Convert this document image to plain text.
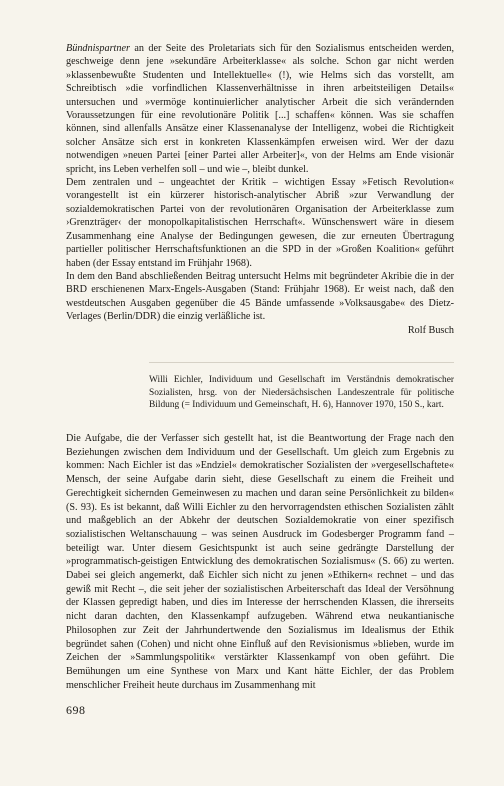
Bündnispartner an der Seite des Proletariats sich für den Sozialismus entscheiden werden, geschweige denn jene »sekundäre Arbeiterklasse« als solche. Schon gar nicht werden »klassenbewußte Studenten und Intellektuelle« (!), wie Helms sich das vorstellt, am Schreibtisch »die vorfindlichen Klassenverhältnisse in ihren arbeitsteiligen Details« untersuchen und »vermöge kontinuierlicher analytischer Arbeit die sich verändernden Voraussetzungen für eine revolutionäre Politik [...] schaffen« können. Was sie schaffen können, sind allenfalls Ansätze einer Klassenanalyse der Intelligenz, wobei die Richtigkeit solcher Ansätze sich erst in konkreten Klassenkämpfen erweisen wird. Wer der dazu notwendigen »neuen Partei [einer Partei aller Arbeiter]«, von der Helms am Ende visionär spricht, ins Leben verhelfen soll – und wie –, bleibt dunkel.

Dem zentralen und – ungeachtet der Kritik – wichtigen Essay »Fetisch Revolution« vorangestellt ist ein kürzerer historisch-analytischer Abriß »zur Verwandlung der sozialdemokratischen Partei von der revolutionären Organisation der Arbeiterklasse zum ›Grenzträger‹ der monopolkapitalistischen Herrschaft«. Wünschenswert wäre in diesem Zusammenhang eine Analyse der Bedingungen gewesen, die zur erneuten Übertragung partieller politischer Herrschaftsfunktionen an die SPD in der »Großen Koalition« geführt haben (der Essay entstand im Frühjahr 1968).

In dem den Band abschließenden Beitrag untersucht Helms mit begründeter Akribie die in der BRD erschienenen Marx-Engels-Ausgaben (Stand: Frühjahr 1968). Er weist nach, daß den westdeutschen Ausgaben gegenüber die 45 Bände umfassende »Volksausgabe« des Dietz-Verlages (Berlin/DDR) die einzig verläßliche ist.

Rolf Busch

Willi Eichler, Individuum und Gesellschaft im Verständnis demokratischer Sozialisten, hrsg. von der Niedersächsischen Landeszentrale für politische Bildung (= Individuum und Gemeinschaft, H. 6), Hannover 1970, 150 S., kart.
Die Aufgabe, die der Verfasser sich gestellt hat, ist die Beantwortung der Frage nach den Beziehungen zwischen dem Individuum und der Gesellschaft. Um gleich zum Ergebnis zu kommen: Nach Eichler ist das »Endziel« demokratischer Sozialisten der »vergesellschaftete« Mensch, der seine Aufgabe darin sieht, diese Gesellschaft zu einem die Freiheit und Gerechtigkeit sichernden Gemeinwesen zu machen und daran seine Persönlichkeit zu bilden« (S. 93). Es ist bekannt, daß Willi Eichler zu den hervorragendsten ethischen Sozialisten zählt und maßgeblich an der Abkehr der deutschen Sozialdemokratie von einer spezifisch sozialistischen Weltanschauung – was seinen Ausdruck im Godesberger Programm fand – beteiligt war. Unter diesem Gesichtspunkt ist auch seine gedrängte Darstellung der »programmatisch-geistigen Entwicklung des demokratischen Sozialismus« (S. 66) zu werten. Dabei sei gleich angemerkt, daß Eichler sich nicht zu jenen »Ethikern« rechnet – und das gewiß mit Recht –, die seit jeher der sozialistischen Arbeiterschaft das Ideal der Versöhnung der Klassen gepredigt haben, und dies im Interesse der herrschenden Klassen, die ihrerseits nicht daran dachten, den Klassenkampf aufzugeben. Während etwa neukantianische Philosophen zur Zeit der Jahrhundertwende den Sozialismus im Idealismus der Ethik begründet sahen (Cohen) und nicht ohne Einfluß auf den Revisionismus »blieben, wurde im Zeichen der »Sammlungspolitik« verstärkter Klassenkampf von oben geführt. Die Bemühungen um eine Synthese von Marx und Kant hätte Eichler, der das Problem menschlicher Freiheit heute durchaus im Zusammenhang mit
698
